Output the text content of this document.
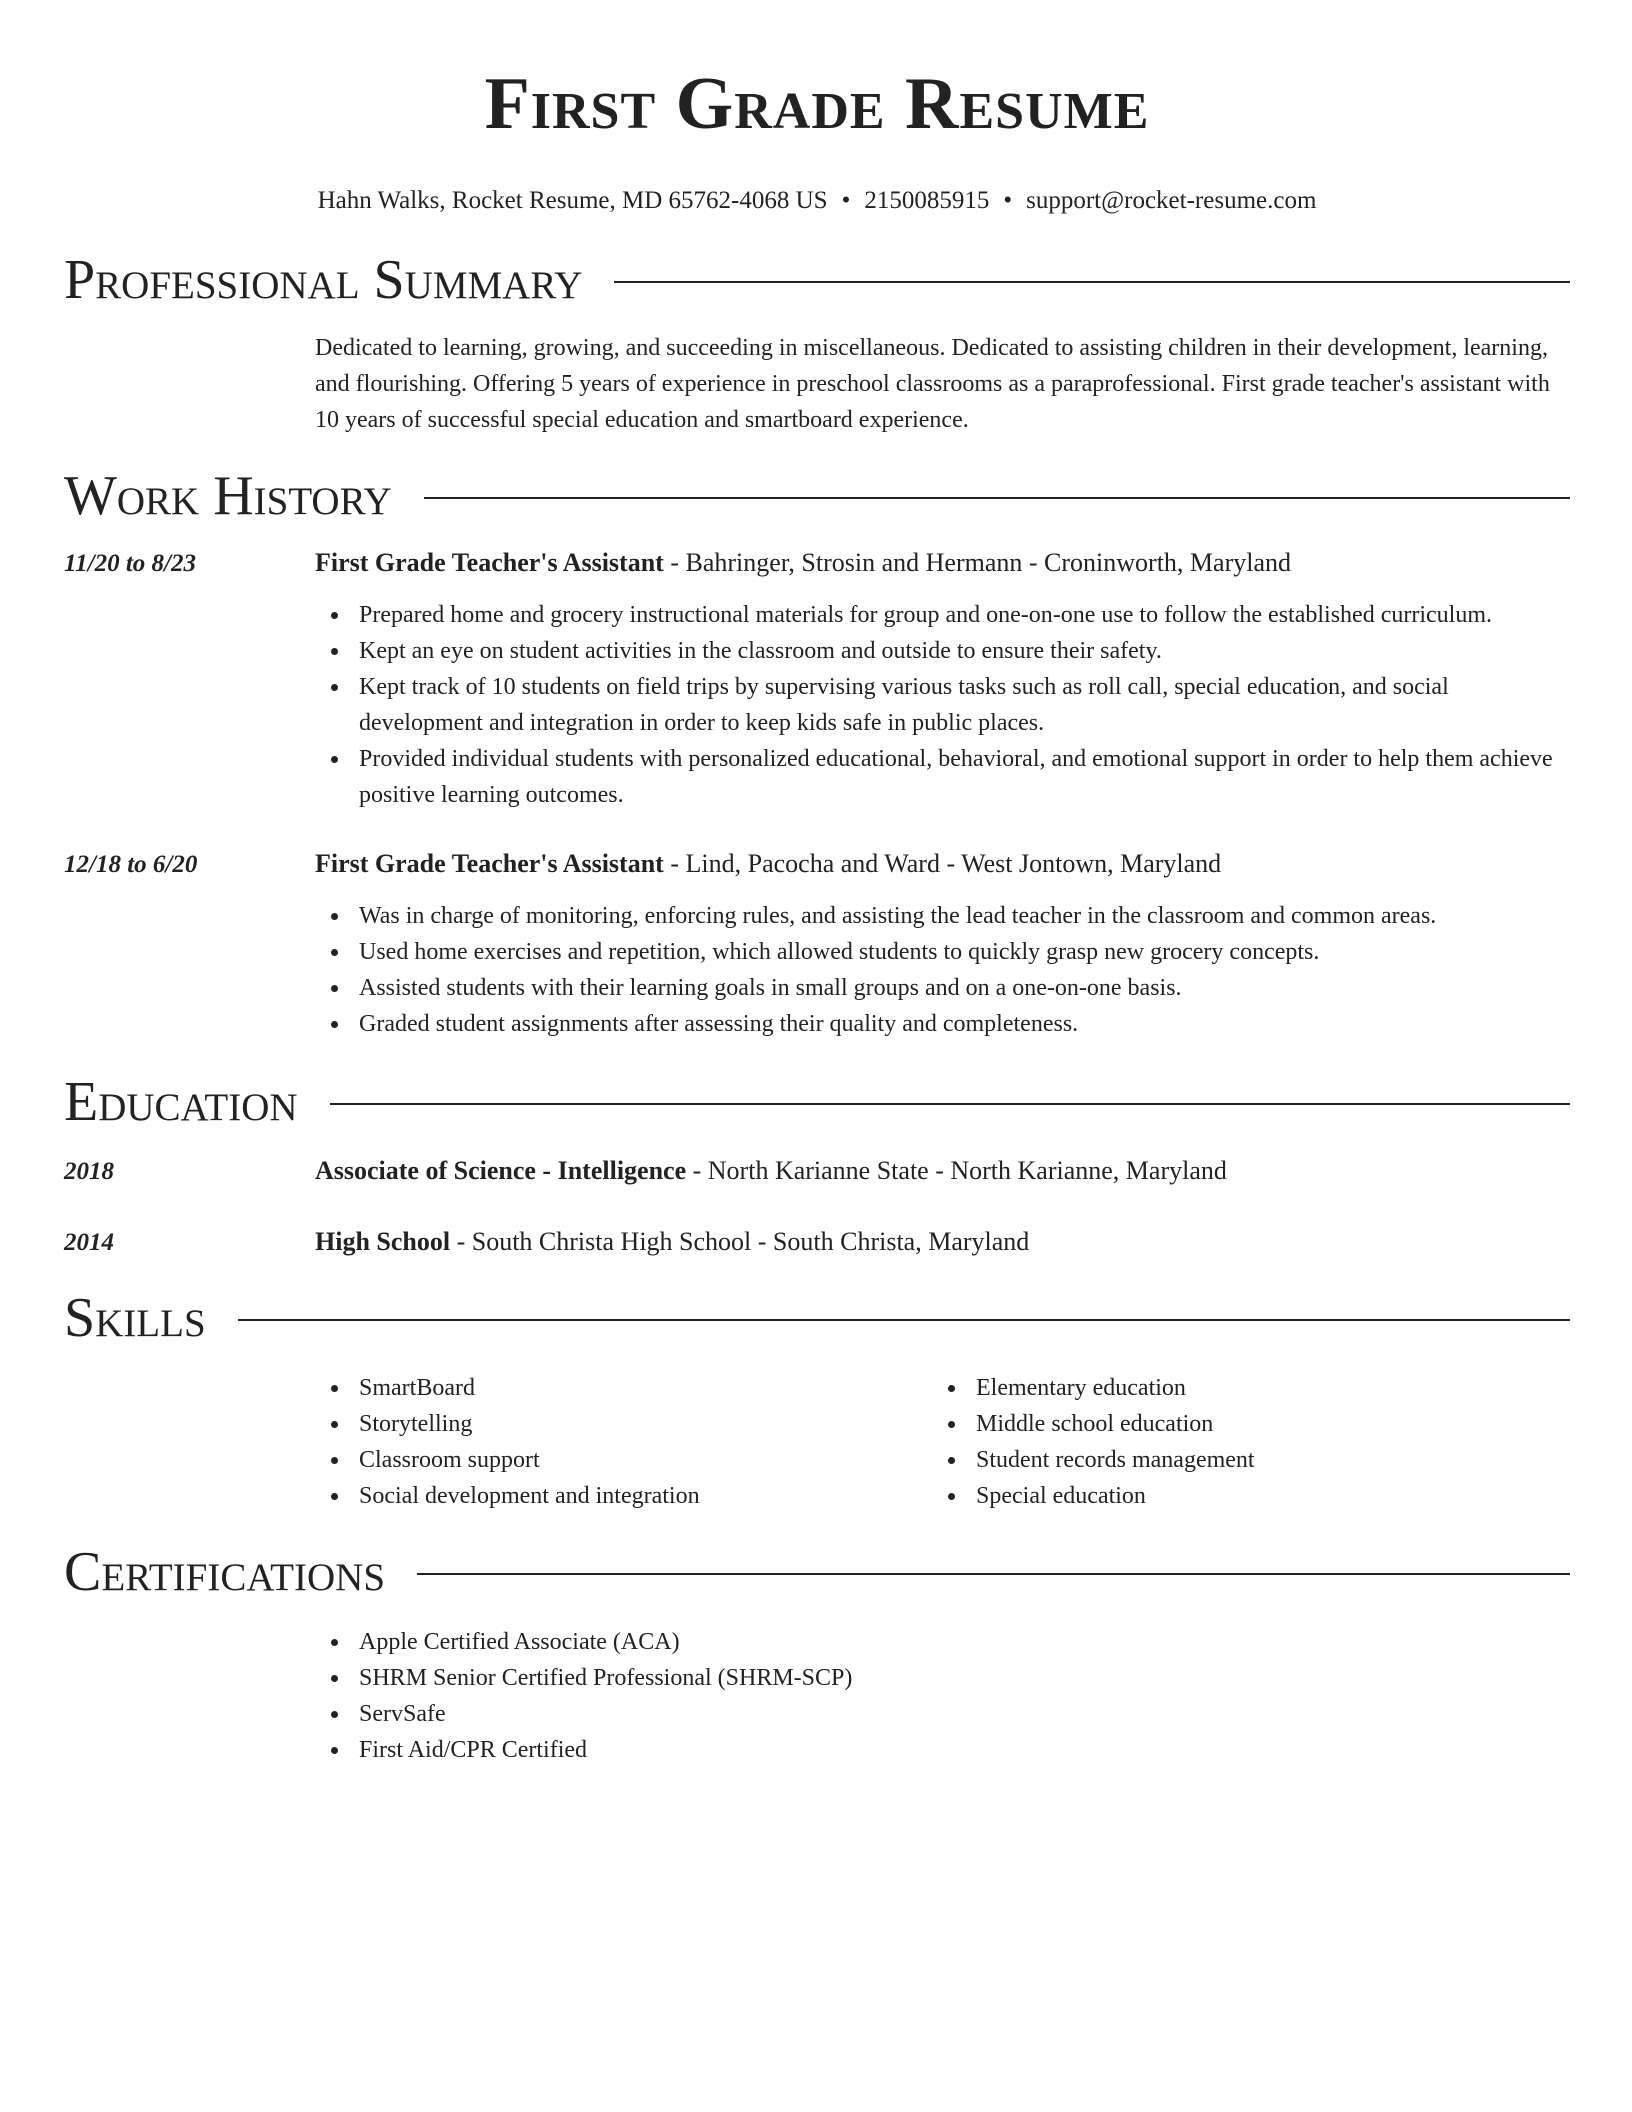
First Grade Resume
Hahn Walks, Rocket Resume, MD 65762-4068 US • 2150085915 • support@rocket-resume.com
Professional Summary
Dedicated to learning, growing, and succeeding in miscellaneous. Dedicated to assisting children in their development, learning, and flourishing. Offering 5 years of experience in preschool classrooms as a paraprofessional. First grade teacher's assistant with 10 years of successful special education and smartboard experience.
Work History
11/20 to 8/23	First Grade Teacher's Assistant - Bahringer, Strosin and Hermann - Croninworth, Maryland
Prepared home and grocery instructional materials for group and one-on-one use to follow the established curriculum.
Kept an eye on student activities in the classroom and outside to ensure their safety.
Kept track of 10 students on field trips by supervising various tasks such as roll call, special education, and social development and integration in order to keep kids safe in public places.
Provided individual students with personalized educational, behavioral, and emotional support in order to help them achieve positive learning outcomes.
12/18 to 6/20	First Grade Teacher's Assistant - Lind, Pacocha and Ward - West Jontown, Maryland
Was in charge of monitoring, enforcing rules, and assisting the lead teacher in the classroom and common areas.
Used home exercises and repetition, which allowed students to quickly grasp new grocery concepts.
Assisted students with their learning goals in small groups and on a one-on-one basis.
Graded student assignments after assessing their quality and completeness.
Education
2018	Associate of Science - Intelligence - North Karianne State - North Karianne, Maryland
2014	High School - South Christa High School - South Christa, Maryland
Skills
SmartBoard
Storytelling
Classroom support
Social development and integration
Elementary education
Middle school education
Student records management
Special education
Certifications
Apple Certified Associate (ACA)
SHRM Senior Certified Professional (SHRM-SCP)
ServSafe
First Aid/CPR Certified
